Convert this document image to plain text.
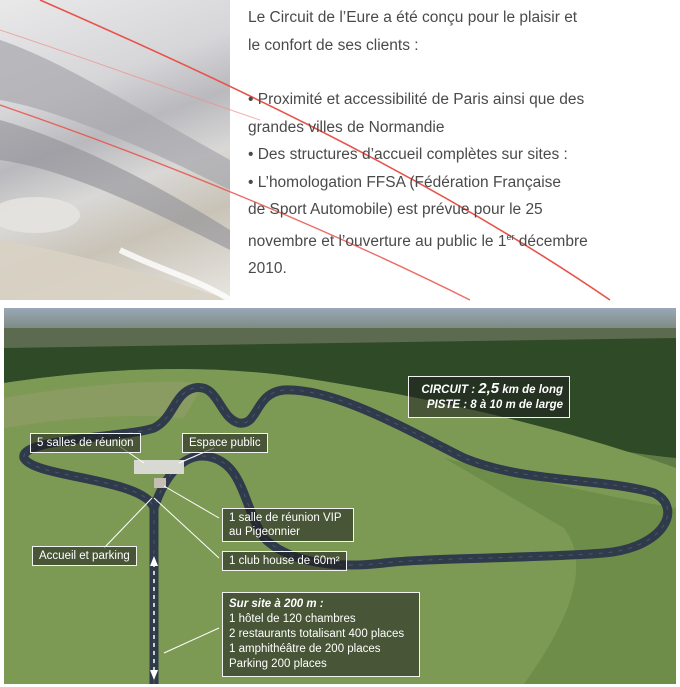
Le Circuit de l’Eure a été conçu pour le plaisir et

le confort de ses clients :

• Proximité et accessibilité de Paris ainsi que des

grandes villes de Normandie

• Des structures d’accueil complètes sur sites :

• L’homologation FFSA (Fédération Française

de Sport Automobile) est prévue pour le 25

novembre et l’ouverture au public le 1er décembre

2010.

5 salles de réunion	Espace public
Accueil et parking
1 salle de réunion VIP
au Pigeonnier
1 club house de 60m²
CIRCUIT : 2,5 km de long
PISTE : 8 à 10 m de large
Sur site à 200 m :
1 hôtel de 120 chambres
2 restaurants totalisant 400 places
1 amphithéâtre de 200 places
Parking 200 places
